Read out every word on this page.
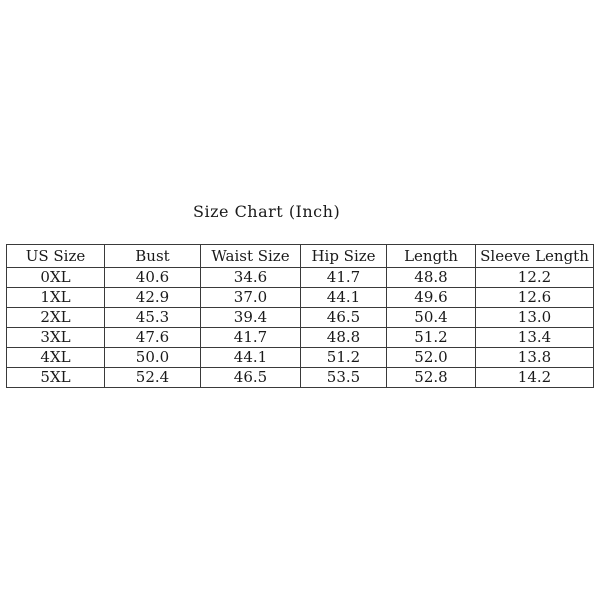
Size Chart (Inch)
US Size	Bust	Waist Size	Hip Size	Length	Sleeve Length
0XL	40.6	34.6	41.7	48.8	12.2
1XL	42.9	37.0	44.1	49.6	12.6
2XL	45.3	39.4	46.5	50.4	13.0
3XL	47.6	41.7	48.8	51.2	13.4
4XL	50.0	44.1	51.2	52.0	13.8
5XL	52.4	46.5	53.5	52.8	14.2
